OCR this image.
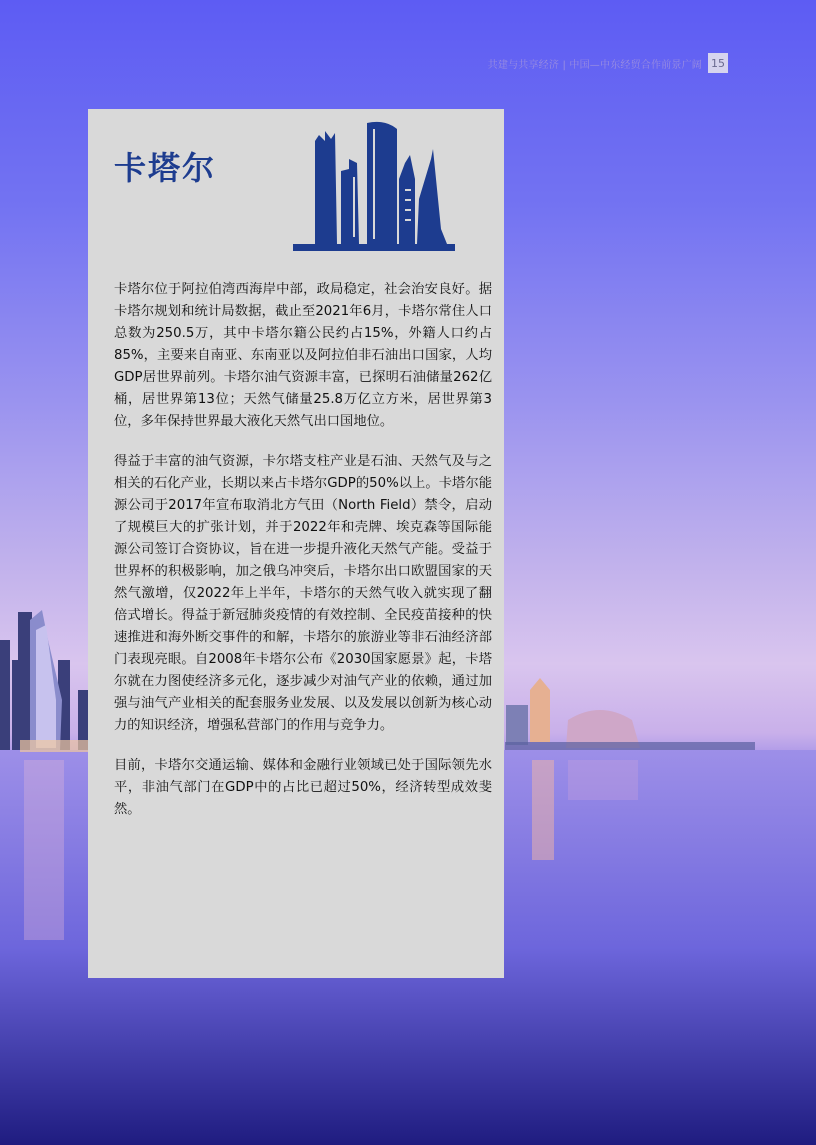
共建与共享经济 | 中国—中东经贸合作前景广阔 15
卡塔尔

卡塔尔位于阿拉伯湾西海岸中部，政局稳定，社会治安良好。据卡塔尔规划和统计局数据，截止至2021年6月，卡塔尔常住人口总数为250.5万，其中卡塔尔籍公民约占15%，外籍人口约占85%，主要来自南亚、东南亚以及阿拉伯非石油出口国家，人均GDP居世界前列。卡塔尔油气资源丰富，已探明石油储量262亿桶，居世界第13位；天然气储量25.8万亿立方米，居世界第3位，多年保持世界最大液化天然气出口国地位。

得益于丰富的油气资源，卡尔塔支柱产业是石油、天然气及与之相关的石化产业，长期以来占卡塔尔GDP的50%以上。卡塔尔能源公司于2017年宣布取消北方气田（North Field）禁令，启动了规模巨大的扩张计划，并于2022年和壳牌、埃克森等国际能源公司签订合资协议，旨在进一步提升液化天然气产能。受益于世界杯的积极影响，加之俄乌冲突后，卡塔尔出口欧盟国家的天然气激增，仅2022年上半年，卡塔尔的天然气收入就实现了翻倍式增长。得益于新冠肺炎疫情的有效控制、全民疫苗接种的快速推进和海外断交事件的和解，卡塔尔的旅游业等非石油经济部门表现亮眼。自2008年卡塔尔公布《2030国家愿景》起，卡塔尔就在力图使经济多元化，逐步减少对油气产业的依赖，通过加强与油气产业相关的配套服务业发展、以及发展以创新为核心动力的知识经济，增强私营部门的作用与竞争力。

目前，卡塔尔交通运输、媒体和金融行业领域已处于国际领先水平，非油气部门在GDP中的占比已超过50%，经济转型成效斐然。
